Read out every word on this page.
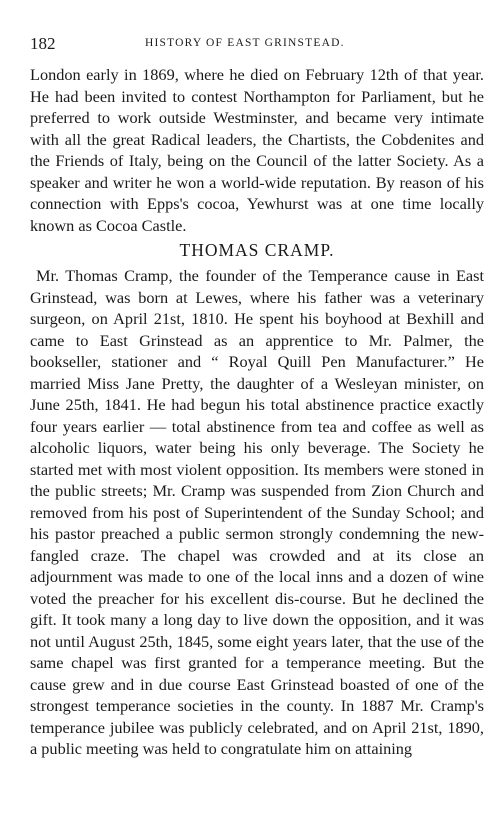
182	HISTORY OF EAST GRINSTEAD.

London early in 1869, where he died on February 12th of that year. He had been invited to contest Northampton for Parliament, but he preferred to work outside Westminster, and became very intimate with all the great Radical leaders, the Chartists, the Cobdenites and the Friends of Italy, being on the Council of the latter Society. As a speaker and writer he won a world-wide reputation. By reason of his connection with Epps's cocoa, Yewhurst was at one time locally known as Cocoa Castle.

THOMAS CRAMP.

Mr. Thomas Cramp, the founder of the Temperance cause in East Grinstead, was born at Lewes, where his father was a veterinary surgeon, on April 21st, 1810. He spent his boyhood at Bexhill and came to East Grinstead as an apprentice to Mr. Palmer, the bookseller, stationer and “ Royal Quill Pen Manufacturer.” He married Miss Jane Pretty, the daughter of a Wesleyan minister, on June 25th, 1841. He had begun his total abstinence practice exactly four years earlier — total abstinence from tea and coffee as well as alcoholic liquors, water being his only beverage. The Society he started met with most violent opposition. Its members were stoned in the public streets; Mr. Cramp was suspended from Zion Church and removed from his post of Superintendent of the Sunday School; and his pastor preached a public sermon strongly condemning the new-fangled craze. The chapel was crowded and at its close an adjournment was made to one of the local inns and a dozen of wine voted the preacher for his excellent dis-course. But he declined the gift. It took many a long day to live down the opposition, and it was not until August 25th, 1845, some eight years later, that the use of the same chapel was first granted for a temperance meeting. But the cause grew and in due course East Grinstead boasted of one of the strongest temperance societies in the county. In 1887 Mr. Cramp's temperance jubilee was publicly celebrated, and on April 21st, 1890, a public meeting was held to congratulate him on attaining
